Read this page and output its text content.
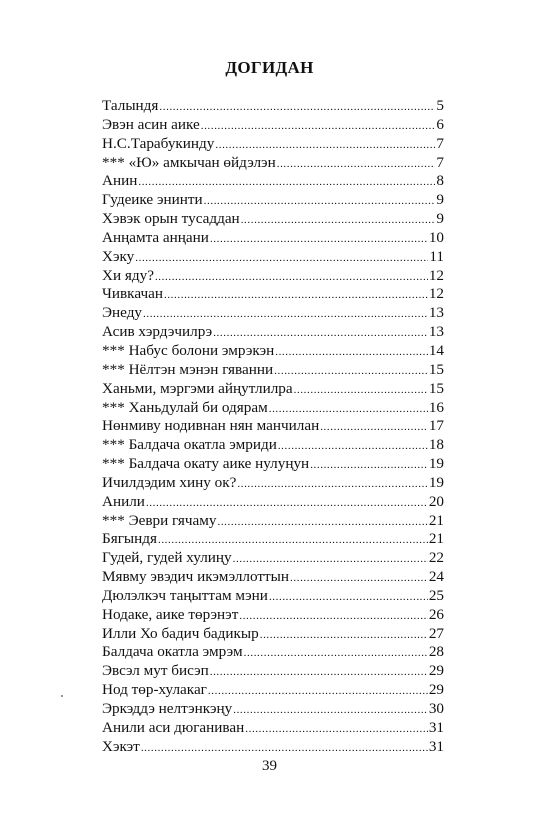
ДОГИДАН
Талындя .....	5
Эвэн асин аике .....	6
Н.С.Тарабукинду .....	7
*** «Ю» амкычан өйдэлэн .....	7
Анин .....	8
Гудеике энинти .....	9
Хэвэк орын тусаддан .....	9
Анңамта анңани .....	10
Хэку .....	11
Хи яду? .....	12
Чивкачан .....	12
Энеду .....	13
Асив хэрдэчилрэ .....	13
*** Набус болони эмрэкэн .....	14
*** Нёлтэн мэнэн гяванни .....	15
Ханьми, мэргэми айңутлилра .....	15
*** Ханьдулай би одярам .....	16
Нөнмиву нодивнан нян манчилан .....	17
*** Балдача окатла эмриди .....	18
*** Балдача окату аике нулуңун .....	19
Ичилдэдим хину ок? .....	19
Анили .....	20
*** Эеври гячаму .....	21
Бягындя .....	21
Гудей, гудей хулиңу .....	22
Мявму эвэдич икэмэллоттын .....	24
Дюлэлкэч таңыттам мэни .....	25
Нодаке, аике төрэнэт .....	26
Илли Хо бадич бадикыр .....	27
Балдача окатла эмрэм .....	28
Эвсэл мут бисэп .....	29
Нод төр-хулакаг .....	29
Эркэддэ нелтэнкэңу .....	30
Анили аси дюганиван .....	31
Хэкэт .....	31
39
